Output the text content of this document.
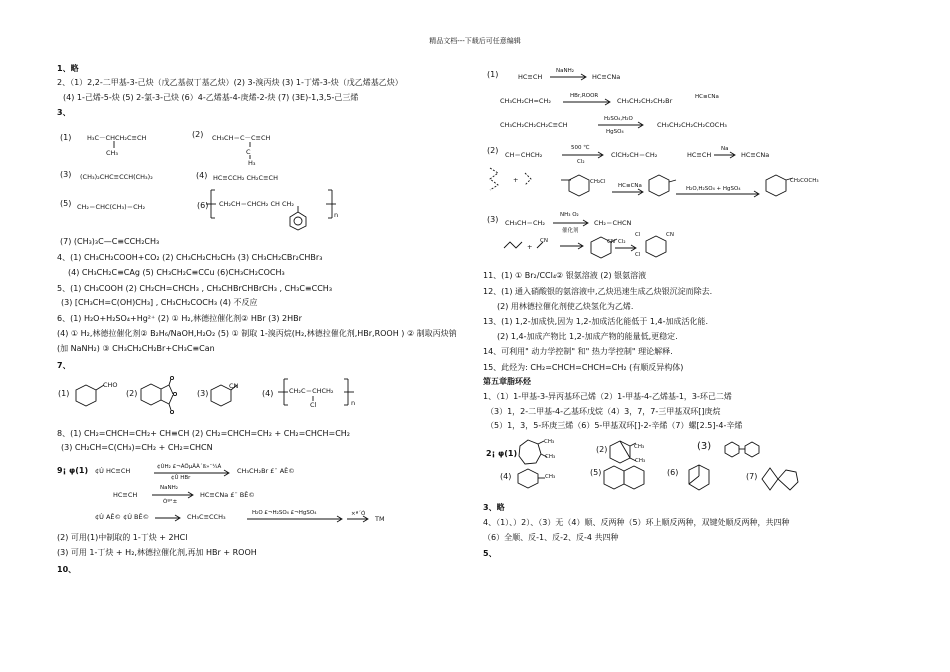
精品文档---下载后可任意编辑
1、略
2、（1）2,2-二甲基-3-己炔（戊乙基叔丁基乙炔）(2) 3-溴丙炔 (3) 1-丁烯-3-炔（戊乙烯基乙炔）
(4) 1-己烯-5-炔 (5) 2-氯-3-己炔 (6）4-乙烯基-4-庚烯-2-炔 (7) (3E)-1,3,5-己三烯
3、
(1) H₃C－CHCH₂C≡CH
CH₃
(2) CH₃CH＝C－C≡CH
C
H₃
(3) (CH₃)₂CHC≡CCH(CH₃)₂	(4) HC≡CCH₂ CH₂C≡CH
(5) CH₂＝CHC(CH₃)＝CH₂	(6) CH₂CH＝CHCH₂ CH CH₂
n
(7) (CH₃)₃C—C≡CCH₂CH₃
4、(1) CH₃CH₂COOH+CO₂ (2) CH₃CH₂CH₂CH₃ (3) CH₃CH₂CBr₂CHBr₃
(4) CH₃CH₂C≡CAg (5) CH₃CH₂C≡CCu (6)CH₃CH₂COCH₃
5、(1) CH₃COOH (2) CH₂CH=CHCH₃ , CH₃CHBrCHBrCH₃ , CH₃C≡CCH₃
(3) [CH₃CH=C(OH)CH₃] , CH₃CH₂COCH₃ (4) 不反应
6、(1) H₂O+H₂SO₄+Hg²⁺ (2) ① H₂,林德拉催化剂② HBr (3) 2HBr
(4) ① H₂,林德拉催化剂② B₂H₆/NaOH,H₂O₂ (5) ① 制取 1-溴丙烷(H₂,林德拉催化剂,HBr,ROOH ) ② 制取丙炔钠
(加 NaNH₂) ③ CH₃CH₂CH₂Br+CH₃C≡Can
7、
(1)
CHO
(2)	(3)
CN
(4) CH₂C＝CHCH₂
Cl	n
8、(1) CH₂=CHCH=CH₂+ CH≡CH (2) CH₂=CHCH=CH₂ + CH₂=CHCH=CH₂
(3) CH₂CH=C(CH₃)=CH₂ + CH₂=CHCN
9¡ φ(1) ¢Ú HC≡CH	¢ÚH₂ £¬ÁÖµÂÀ´ß»¯¼Á
¢Û HBr
CH₃CH₂Br £¨ AÊ©
HC≡CH
NaNH₂
Òº°±
HC≡CNa £¨ BÊ©
¢Ù AÊ© ¢Ú BÊ©	CH₃C≡CCH₃	H₂O £¬H₂SO₄ £¬HgSO₄	×ª´Ó
TM
(2) 可用(1)中制取的 1-丁炔 + 2HCl
(3) 可用 1-丁炔 + H₂,林德拉催化剂,再加 HBr + ROOH
10、
(1)	HC≡CH
NaNH₂
HC≡CNa
CH₃CH₂CH=CH₂
HBr,ROOR
CH₃CH₂CH₂CH₂Br	HC≡CNa
CH₃CH₂CH₂CH₂C≡CH
H₂SO₄,H₂O
HgSO₄
CH₃CH₂CH₂CH₂COCH₃
(2) CH＝CHCH₂
500 ℃
Cl₂
ClCH₂CH＝CH₂	HC≡CH
Na
HC≡CNa
+	CH₂Cl
HC≡CNa	H₂O,H₂SO₄ + HgSO₄
CH₂COCH₃
(3) CH₃CH＝CH₂
NH₃ O₂
催化剂
CH₂＝CHCN
+
CN	CN Cl₂
Cl	CN
Cl
11、(1) ① Br₂/CCl₄② 银氨溶液 (2) 银氨溶液
12、(1) 通入硝酸银的氨溶液中,乙炔迅速生成乙炔银沉淀而除去.
(2) 用林德拉催化剂使乙炔氢化为乙烯.
13、(1) 1,2-加成快,因为 1,2-加成活化能低于 1,4-加成活化能.
(2) 1,4-加成产物比 1,2-加成产物的能量低,更稳定.
14、可利用" 动力学控制" 和" 热力学控制" 理论解释.
15、此烃为: CH₂=CHCH=CHCH=CH₂ (有顺反异构体)
第五章脂环烃
1、（1）1-甲基-3-异丙基环己烯（2）1-甲基-4-乙烯基-1，3-环己二烯
（3）1，2-二甲基-4-乙基环戊烷（4）3，7，7-三甲基双环[]庚烷
（5）1，3，5-环庚三烯（6）5-甲基双环[]-2-辛烯（7）螺[2.5]-4-辛烯
2¡ φ(1)
CH₃
CH₃
(2)	CH₃
CH₃
(3)
(4)	CH₃	(5)	(6)	(7)
3、略
4、（1）、）2）、（3）无（4）顺、反两种（5）环上顺反两种，双键处顺反两种，共四种
（6）全顺、反-1、反-2、反-4 共四种
5、
